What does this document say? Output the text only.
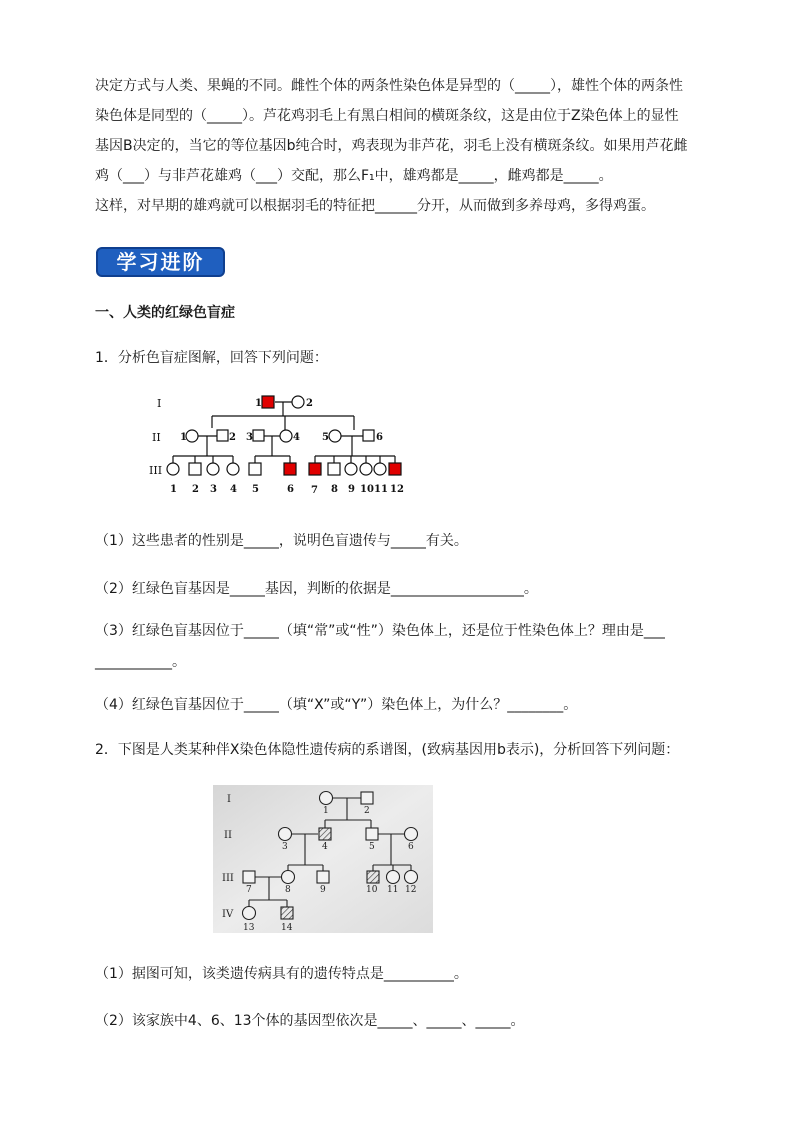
决定方式与人类、果蝇的不同。雌性个体的两条性染色体是异型的（_____），雄性个体的两条性
染色体是同型的（_____）。芦花鸡羽毛上有黑白相间的横斑条纹，这是由位于Z染色体上的显性
基因B决定的，当它的等位基因b纯合时，鸡表现为非芦花，羽毛上没有横斑条纹。如果用芦花雌
鸡（___）与非芦花雄鸡（___）交配，那么F₁中，雄鸡都是_____，雌鸡都是_____。
这样，对早期的雄鸡就可以根据羽毛的特征把______分开，从而做到多养母鸡，多得鸡蛋。
学习进阶
一、人类的红绿色盲症
1．分析色盲症图解，回答下列问题：
I
II
III
1	2
1	2 3	4 5	6
1 2 3 4 5	6 7 8 9 10 11 12
（1）这些患者的性别是_____，说明色盲遗传与_____有关。
（2）红绿色盲基因是_____基因，判断的依据是___________________。
（3）红绿色盲基因位于_____（填“常”或“性”）染色体上，还是位于性染色体上？理由是___
___________。
（4）红绿色盲基因位于_____（填“X”或“Y”）染色体上，为什么？________。
2．下图是人类某种伴X染色体隐性遗传病的系谱图，(致病基因用b表示)，分析回答下列问题：
I
II
III
IV
1	2
3	4	5	6
7	8	9	10 11 12
13	14
（1）据图可知，该类遗传病具有的遗传特点是__________。
（2）该家族中4、6、13个体的基因型依次是_____、_____、_____。
